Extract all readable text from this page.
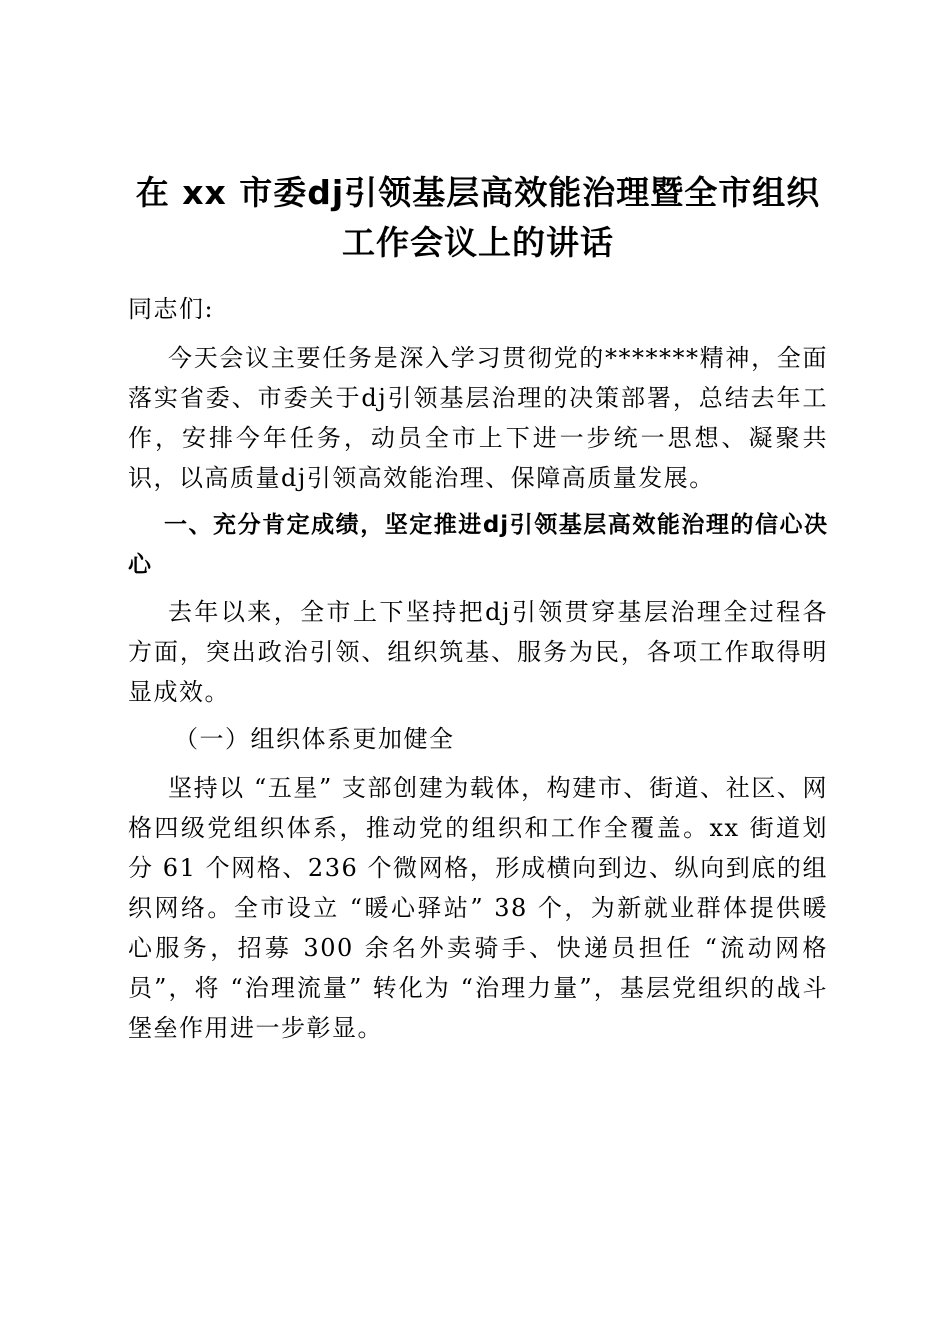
在 xx 市委dj引领基层高效能治理暨全市组织工作会议上的讲话

同志们:

今天会议主要任务是深入学习贯彻党的*******精神，全面落实省委、市委关于dj引领基层治理的决策部署，总结去年工作，安排今年任务，动员全市上下进一步统一思想、凝聚共识，以高质量dj引领高效能治理、保障高质量发展。

一、充分肯定成绩，坚定推进dj引领基层高效能治理的信心决心

去年以来，全市上下坚持把dj引领贯穿基层治理全过程各方面，突出政治引领、组织筑基、服务为民，各项工作取得明显成效。

（一）组织体系更加健全

坚持以 “五星” 支部创建为载体，构建市、街道、社区、网格四级党组织体系，推动党的组织和工作全覆盖。xx 街道划分 61 个网格、236 个微网格，形成横向到边、纵向到底的组织网络。全市设立 “暖心驿站” 38 个，为新就业群体提供暖心服务，招募 300 余名外卖骑手、快递员担任 “流动网格员”，将 “治理流量” 转化为 “治理力量”，基层党组织的战斗堡垒作用进一步彰显。
